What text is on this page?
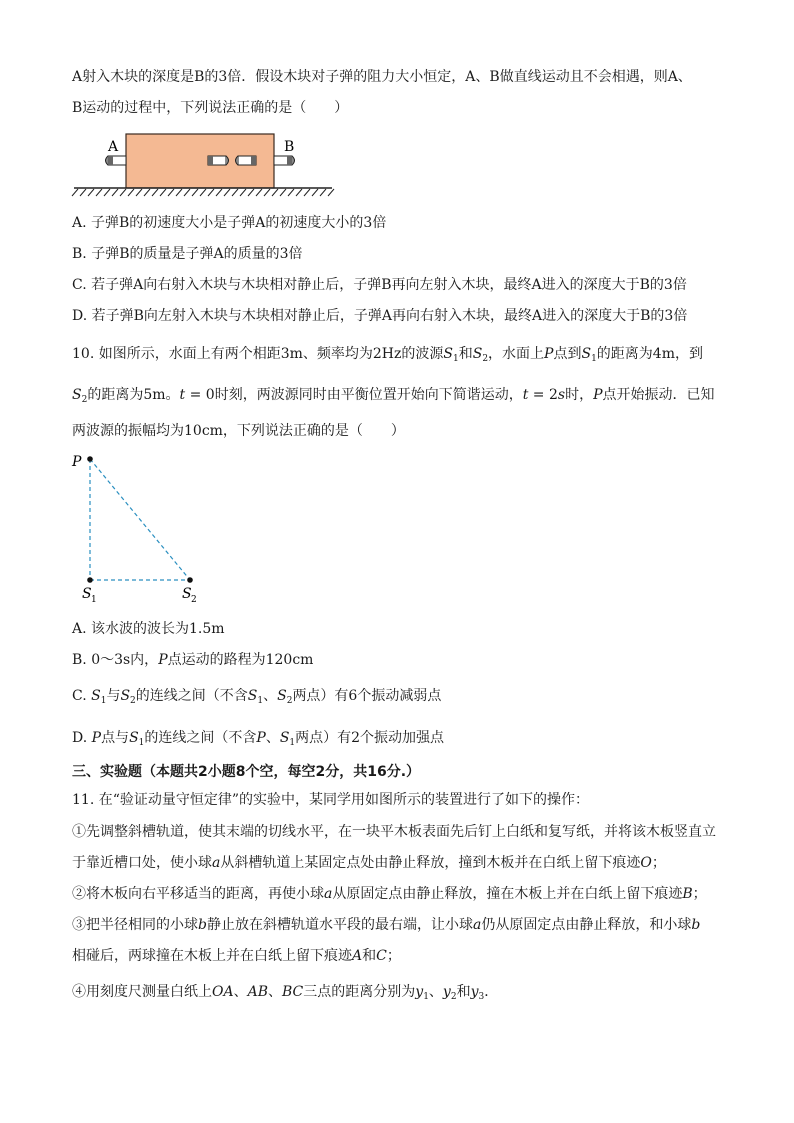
A射入木块的深度是B的3倍．假设木块对子弹的阻力大小恒定，A、B做直线运动且不会相遇，则A、
B运动的过程中，下列说法正确的是（　　）
A	B
A. 子弹B的初速度大小是子弹A的初速度大小的3倍
B. 子弹B的质量是子弹A的质量的3倍
C. 若子弹A向右射入木块与木块相对静止后，子弹B再向左射入木块，最终A进入的深度大于B的3倍
D. 若子弹B向左射入木块与木块相对静止后，子弹A再向右射入木块，最终A进入的深度大于B的3倍
10. 如图所示，水面上有两个相距3m、频率均为2Hz的波源$S_1$和$S_2$，水面上P点到$S_1$的距离为4m，到
$S_2$的距离为5m。t = 0时刻，两波源同时由平衡位置开始向下简谐运动，t = 2s时，P点开始振动．已知
两波源的振幅均为10cm，下列说法正确的是（　　）
P
S 1	S 2
A. 该水波的波长为1.5m
B. 0～3s内，P点运动的路程为120cm
C. $S_1$与$S_2$的连线之间（不含$S_1$、$S_2$两点）有6个振动减弱点
D. P点与$S_1$的连线之间（不含P、$S_1$两点）有2个振动加强点
三、实验题（本题共2小题8个空，每空2分，共16分.）
11. 在“验证动量守恒定律”的实验中，某同学用如图所示的装置进行了如下的操作：
①先调整斜槽轨道，使其末端的切线水平，在一块平木板表面先后钉上白纸和复写纸，并将该木板竖直立
于靠近槽口处，使小球a从斜槽轨道上某固定点处由静止释放，撞到木板并在白纸上留下痕迹O；
②将木板向右平移适当的距离，再使小球a从原固定点由静止释放，撞在木板上并在白纸上留下痕迹B；
③把半径相同的小球b静止放在斜槽轨道水平段的最右端，让小球a仍从原固定点由静止释放，和小球b
相碰后，两球撞在木板上并在白纸上留下痕迹A和C；
④用刻度尺测量白纸上OA、AB、BC三点的距离分别为$y_1$、$y_2$和$y_3$．
